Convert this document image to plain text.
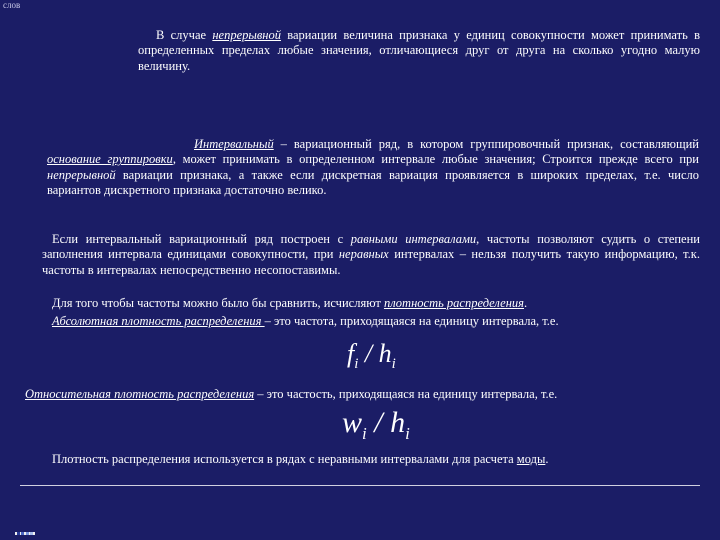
слов
В случае непрерывной вариации величина признака у единиц совокупности может принимать в определенных пределах любые значения, отличающиеся друг от друга на сколько угодно малую величину.
Интервальный – вариационный ряд, в котором группировочный признак, составляющий основание группировки, может принимать в определенном интервале любые значения; Строится прежде всего при непрерывной вариации признака, а также если дискретная вариация проявляется в широких пределах, т.е. число вариантов дискретного признака достаточно велико.
Если интервальный вариационный ряд построен с равными интервалами, частоты позволяют судить о степени заполнения интервала единицами совокупности, при неравных интервалах – нельзя получить такую информацию, т.к. частоты в интервалах непосредственно несопоставимы.
Для того чтобы частоты можно было бы сравнить, исчисляют плотность распределения.
Абсолютная плотность распределения – это частота, приходящаяся на единицу интервала, т.е.
$f_i / h_i$
Относительная плотность распределения – это частость, приходящаяся на единицу интервала, т.е.
$w_i / h_i$
Плотность распределения используется в рядах с неравными интервалами для расчета моды.
